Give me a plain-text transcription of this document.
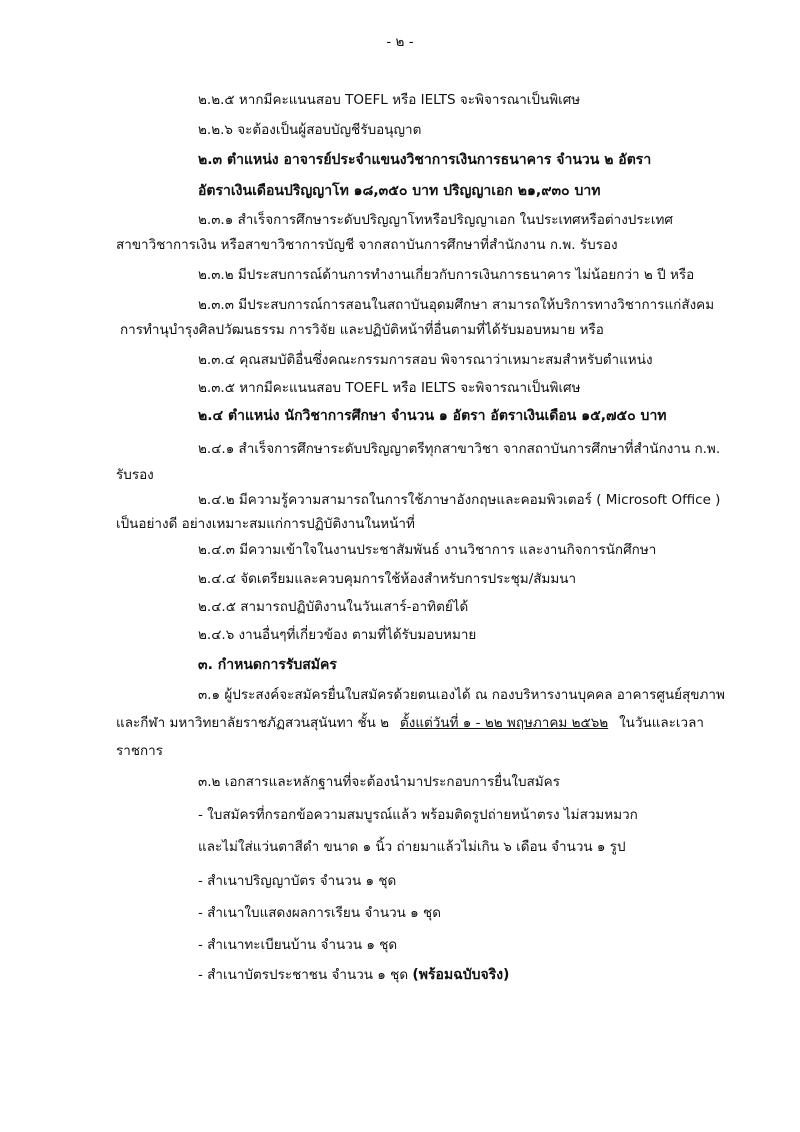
- ๒ -
๒.๒.๕ หากมีคะแนนสอบ TOEFL หรือ IELTS จะพิจารณาเป็นพิเศษ
๒.๒.๖ จะต้องเป็นผู้สอบบัญชีรับอนุญาต
๒.๓ ตำแหน่ง อาจารย์ประจำแขนงวิชาการเงินการธนาคาร จำนวน ๒ อัตรา
อัตราเงินเดือนปริญญาโท ๑๘,๓๕๐ บาท ปริญญาเอก ๒๑,๙๓๐ บาท
๒.๓.๑ สำเร็จการศึกษาระดับปริญญาโทหรือปริญญาเอก ในประเทศหรือต่างประเทศ
สาขาวิชาการเงิน หรือสาขาวิชาการบัญชี จากสถาบันการศึกษาที่สำนักงาน ก.พ. รับรอง
๒.๓.๒ มีประสบการณ์ด้านการทำงานเกี่ยวกับการเงินการธนาคาร ไม่น้อยกว่า ๒ ปี หรือ
๒.๓.๓ มีประสบการณ์การสอนในสถาบันอุดมศึกษา สามารถให้บริการทางวิชาการแก่สังคม
การทำนุบำรุงศิลปวัฒนธรรม การวิจัย และปฏิบัติหน้าที่อื่นตามที่ได้รับมอบหมาย หรือ
๒.๓.๔ คุณสมบัติอื่นซึ่งคณะกรรมการสอบ พิจารณาว่าเหมาะสมสำหรับตำแหน่ง
๒.๓.๕ หากมีคะแนนสอบ TOEFL หรือ IELTS จะพิจารณาเป็นพิเศษ
๒.๔ ตำแหน่ง นักวิชาการศึกษา จำนวน ๑ อัตรา อัตราเงินเดือน ๑๕,๗๕๐ บาท
๒.๔.๑ สำเร็จการศึกษาระดับปริญญาตรีทุกสาขาวิชา จากสถาบันการศึกษาที่สำนักงาน ก.พ.
รับรอง
๒.๔.๒ มีความรู้ความสามารถในการใช้ภาษาอังกฤษและคอมพิวเตอร์ ( Microsoft Office )
เป็นอย่างดี อย่างเหมาะสมแก่การปฏิบัติงานในหน้าที่
๒.๔.๓ มีความเข้าใจในงานประชาสัมพันธ์ งานวิชาการ และงานกิจการนักศึกษา
๒.๔.๔ จัดเตรียมและควบคุมการใช้ห้องสำหรับการประชุม/สัมมนา
๒.๔.๕ สามารถปฏิบัติงานในวันเสาร์-อาทิตย์ได้
๒.๔.๖ งานอื่นๆที่เกี่ยวข้อง ตามที่ได้รับมอบหมาย
๓. กำหนดการรับสมัคร
๓.๑ ผู้ประสงค์จะสมัครยื่นใบสมัครด้วยตนเองได้ ณ กองบริหารงานบุคคล อาคารศูนย์สุขภาพ
และกีฬา มหาวิทยาลัยราชภัฏสวนสุนันทา ชั้น ๒ ตั้งแต่วันที่ ๑ - ๒๒ พฤษภาคม ๒๕๖๒ ในวันและเวลา
ราชการ
๓.๒ เอกสารและหลักฐานที่จะต้องนำมาประกอบการยื่นใบสมัคร
- ใบสมัครที่กรอกข้อความสมบูรณ์แล้ว พร้อมติดรูปถ่ายหน้าตรง ไม่สวมหมวก
และไม่ใส่แว่นตาสีดำ ขนาด ๑ นิ้ว ถ่ายมาแล้วไม่เกิน ๖ เดือน จำนวน ๑ รูป
- สำเนาปริญญาบัตร จำนวน ๑ ชุด
- สำเนาใบแสดงผลการเรียน จำนวน ๑ ชุด
- สำเนาทะเบียนบ้าน จำนวน ๑ ชุด
- สำเนาบัตรประชาชน จำนวน ๑ ชุด (พร้อมฉบับจริง)
